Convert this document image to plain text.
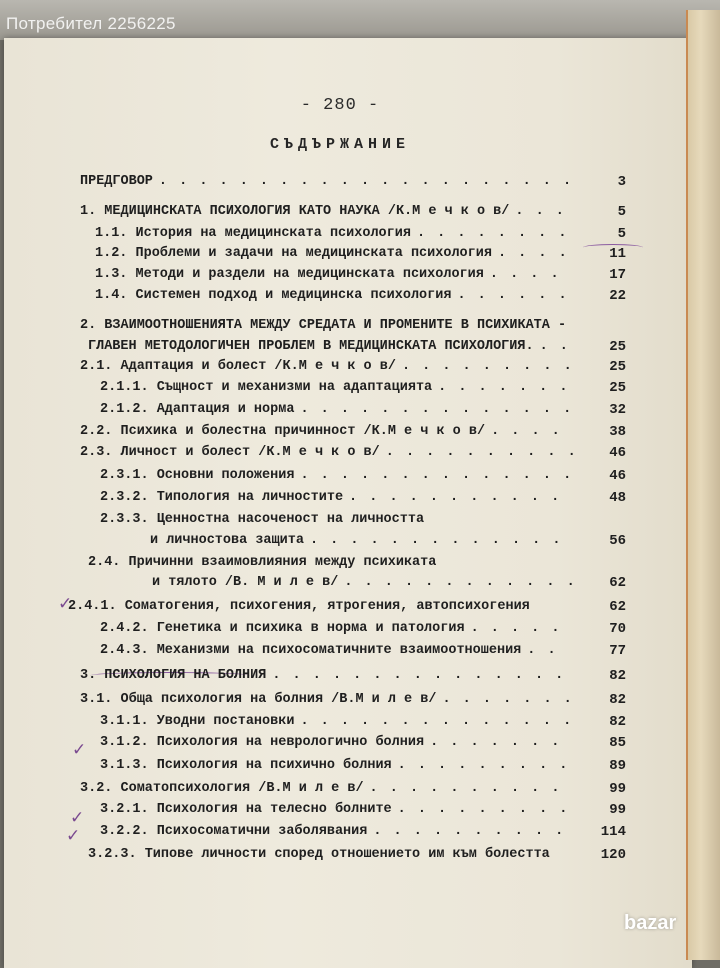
Потребител 2256225
- 280 -
СЪДЪРЖАНИЕ
✓
✓
✓
✓
bazar
ПРЕДГОВОР . . . . . . . . . . . . . . . . . . . . .	3
1. МЕДИЦИНСКАТА ПСИХОЛОГИЯ КАТО НАУКА /К.М е ч к о в/ . . .	5
1.1. История на медицинската психология . . . . . . . .	5
1.2. Проблеми и задачи на медицинската психология . . . .	11
1.3. Методи и раздели на медицинската психология . . . .	17
1.4. Системен подход и медицинска психология . . . . . .	22
2. ВЗАИМООТНОШЕНИЯТА МЕЖДУ СРЕДАТА И ПРОМЕНИТЕ В ПСИХИКАТА -
ГЛАВЕН МЕТОДОЛОГИЧЕН ПРОБЛЕМ В МЕДИЦИНСКАТА ПСИХОЛОГИЯ. . .	25
2.1. Адаптация и болест /К.М е ч к о в/ . . . . . . . . .	25
2.1.1. Същност и механизми на адаптацията . . . . . . .	25
2.1.2. Адаптация и норма . . . . . . . . . . . . . .	32
2.2. Психика и болестна причинност /К.М е ч к о в/ . . . .	38
2.3. Личност и болест /К.М е ч к о в/ . . . . . . . . . .	46
2.3.1. Основни положения . . . . . . . . . . . . . .	46
2.3.2. Типология на личностите . . . . . . . . . . .	48
2.3.3. Ценностна насоченост на личността
и личностова защита . . . . . . . . . . . . .	56
2.4. Причинни взаимовлияния между психиката
и тялото /В. М и л е в/ . . . . . . . . . . . .	62
2.4.1. Соматогения, психогения, ятрогения, автопсихогения	62
2.4.2. Генетика и психика в норма и патология . . . . .	70
2.4.3. Механизми на психосоматичните взаимоотношения . .	77
3. ПСИХОЛОГИЯ НА БОЛНИЯ . . . . . . . . . . . . . . .	82
3.1. Обща психология на болния /В.М и л е в/ . . . . . . .	82
3.1.1. Уводни постановки . . . . . . . . . . . . . .	82
3.1.2. Психология на неврологично болния . . . . . . .	85
3.1.3. Психология на психично болния . . . . . . . . .	89
3.2. Соматопсихология /В.М и л е в/ . . . . . . . . . .	99
3.2.1. Психология на телесно болните . . . . . . . . .	99
3.2.2. Психосоматични заболявания . . . . . . . . . .	114
3.2.3. Типове личности според отношението им към болестта	120
